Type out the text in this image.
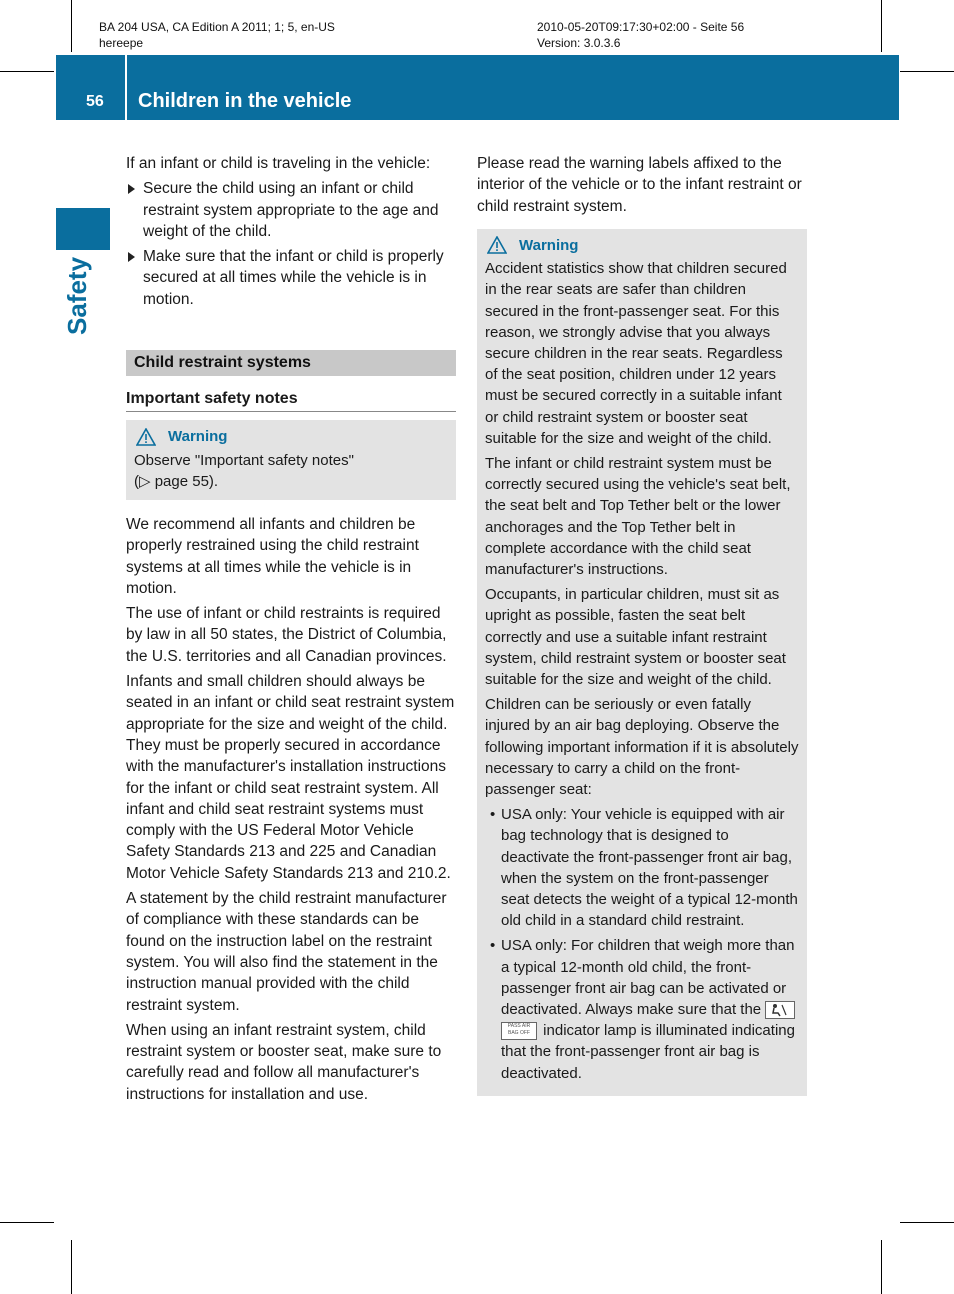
BA 204 USA, CA Edition A 2011; 1; 5, en-US
hereepe
2010-05-20T09:17:30+02:00 - Seite 56
Version: 3.0.3.6
56 Children in the vehicle
Safety

If an infant or child is traveling in the vehicle:

Secure the child using an infant or child restraint system appropriate to the age and weight of the child.
Make sure that the infant or child is properly secured at all times while the vehicle is in motion.
Child restraint systems
Important safety notes
Warning
Observe "Important safety notes"
(▷ page 55).

We recommend all infants and children be properly restrained using the child restraint systems at all times while the vehicle is in motion.

The use of infant or child restraints is required by law in all 50 states, the District of Columbia, the U.S. territories and all Canadian provinces.

Infants and small children should always be seated in an infant or child seat restraint system appropriate for the size and weight of the child. They must be properly secured in accordance with the manufacturer's installation instructions for the infant or child seat restraint system. All infant and child seat restraint systems must comply with the US Federal Motor Vehicle Safety Standards 213 and 225 and Canadian Motor Vehicle Safety Standards 213 and 210.2.

A statement by the child restraint manufacturer of compliance with these standards can be found on the instruction label on the restraint system. You will also find the statement in the instruction manual provided with the child restraint system.

When using an infant restraint system, child restraint system or booster seat, make sure to carefully read and follow all manufacturer's instructions for installation and use.

Please read the warning labels affixed to the interior of the vehicle or to the infant restraint or child restraint system.

Warning

Accident statistics show that children secured in the rear seats are safer than children secured in the front-passenger seat. For this reason, we strongly advise that you always secure children in the rear seats. Regardless of the seat position, children under 12 years must be secured correctly in a suitable infant or child restraint system or booster seat suitable for the size and weight of the child.

The infant or child restraint system must be correctly secured using the vehicle's seat belt, the seat belt and Top Tether belt or the lower anchorages and the Top Tether belt in complete accordance with the child seat manufacturer's instructions.

Occupants, in particular children, must sit as upright as possible, fasten the seat belt correctly and use a suitable infant restraint system, child restraint system or booster seat suitable for the size and weight of the child.

Children can be seriously or even fatally injured by an air bag deploying. Observe the following important information if it is absolutely necessary to carry a child on the front-passenger seat:

• USA only: Your vehicle is equipped with air bag technology that is designed to deactivate the front-passenger front air bag, when the system on the front-passenger seat detects the weight of a typical 12-month old child in a standard child restraint.
• USA only: For children that weigh more than a typical 12-month old child, the front-passenger front air bag can be activated or deactivated. Always make sure that the PASS AIR BAG OFF indicator lamp is illuminated indicating that the front-passenger front air bag is deactivated.
